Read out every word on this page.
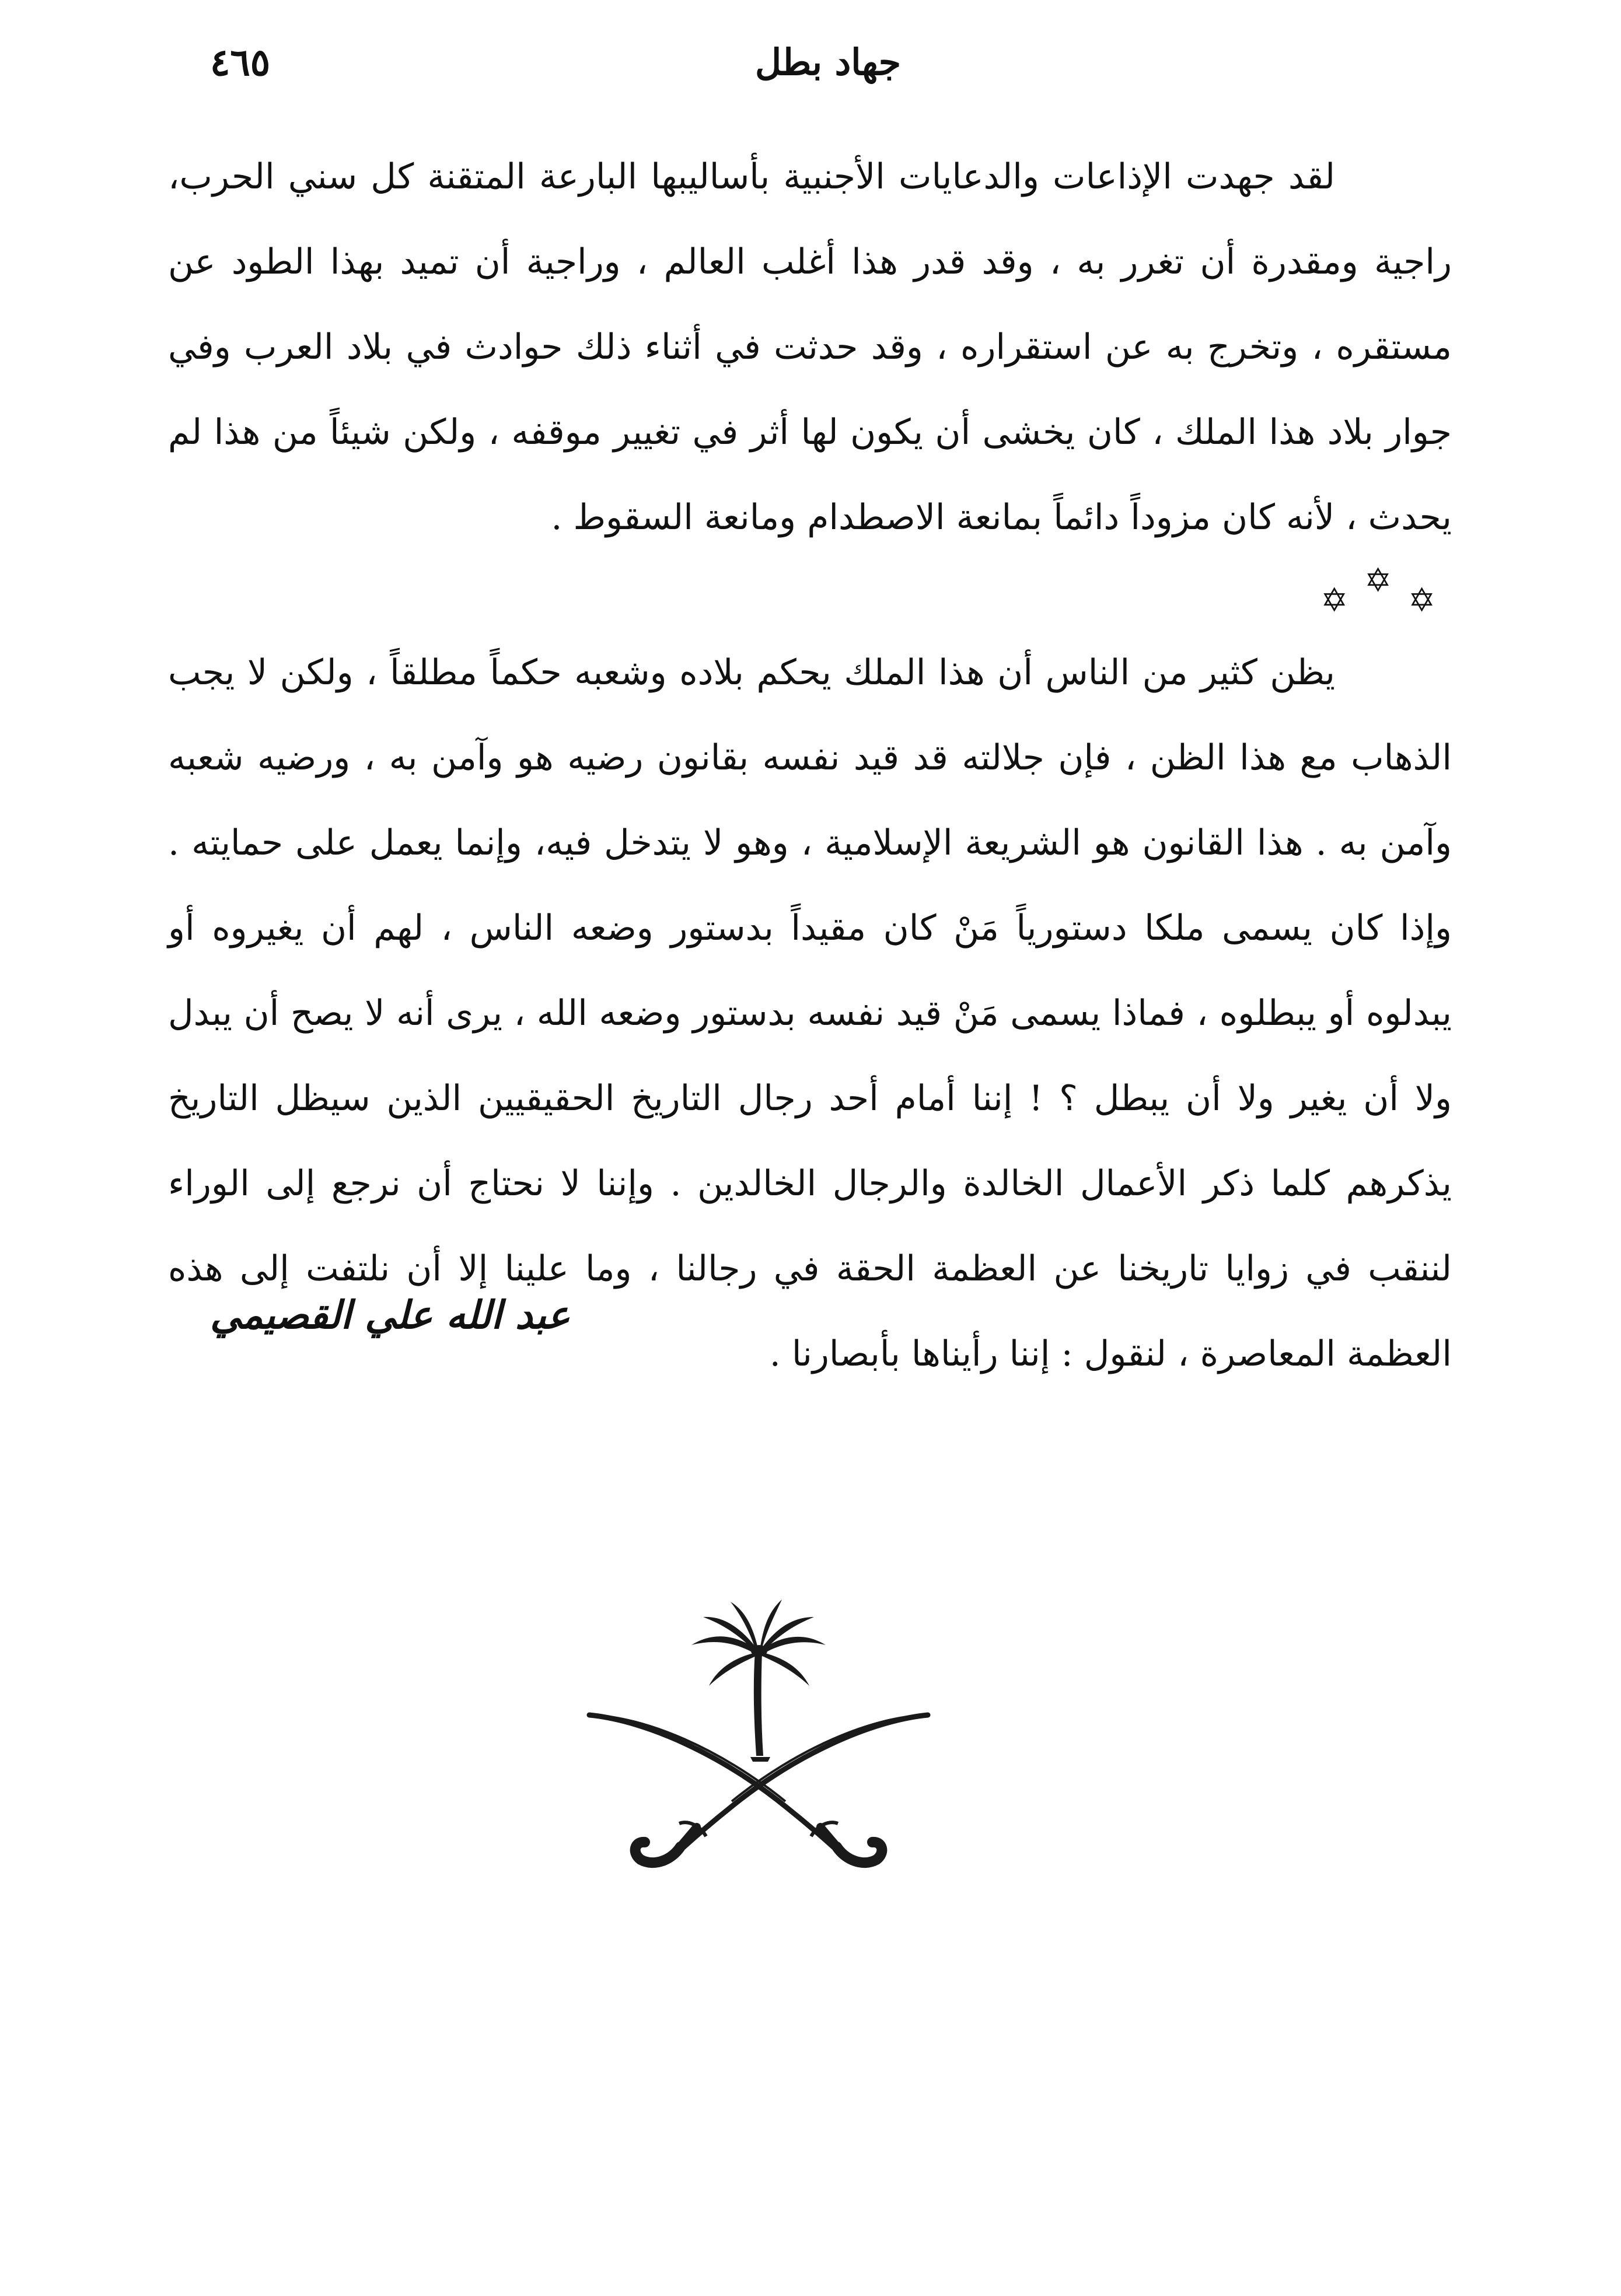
٤٦٥	جهاد بطل

لقد جهدت الإذاعات والدعايات الأجنبية بأساليبها البارعة المتقنة كل سني الحرب، راجية ومقدرة أن تغرر به ، وقد قدر هذا أغلب العالم ، وراجية أن تميد بهذا الطود عن مستقره ، وتخرج به عن استقراره ، وقد حدثت في أثناء ذلك حوادث في بلاد العرب وفي جوار بلاد هذا الملك ، كان يخشى أن يكون لها أثر في تغيير موقفه ، ولكن شيئاً من هذا لم يحدث ، لأنه كان مزوداً دائماً بمانعة الاصطدام ومانعة السقوط .

✡✡✡

يظن كثير من الناس أن هذا الملك يحكم بلاده وشعبه حكماً مطلقاً ، ولكن لا يجب الذهاب مع هذا الظن ، فإن جلالته قد قيد نفسه بقانون رضيه هو وآمن به ، ورضيه شعبه وآمن به . هذا القانون هو الشريعة الإسلامية ، وهو لا يتدخل فيه، وإنما يعمل على حمايته . وإذا كان يسمى ملكا دستورياً مَنْ كان مقيداً بدستور وضعه الناس ، لهم أن يغيروه أو يبدلوه أو يبطلوه ، فماذا يسمى مَنْ قيد نفسه بدستور وضعه الله ، يرى أنه لا يصح أن يبدل ولا أن يغير ولا أن يبطل ؟ ! إننا أمام أحد رجال التاريخ الحقيقيين الذين سيظل التاريخ يذكرهم كلما ذكر الأعمال الخالدة والرجال الخالدين . وإننا لا نحتاج أن نرجع إلى الوراء لننقب في زوايا تاريخنا عن العظمة الحقة في رجالنا ، وما علينا إلا أن نلتفت إلى هذه العظمة المعاصرة ، لنقول : إننا رأيناها بأبصارنا .

عبد الله علي القصيمي
